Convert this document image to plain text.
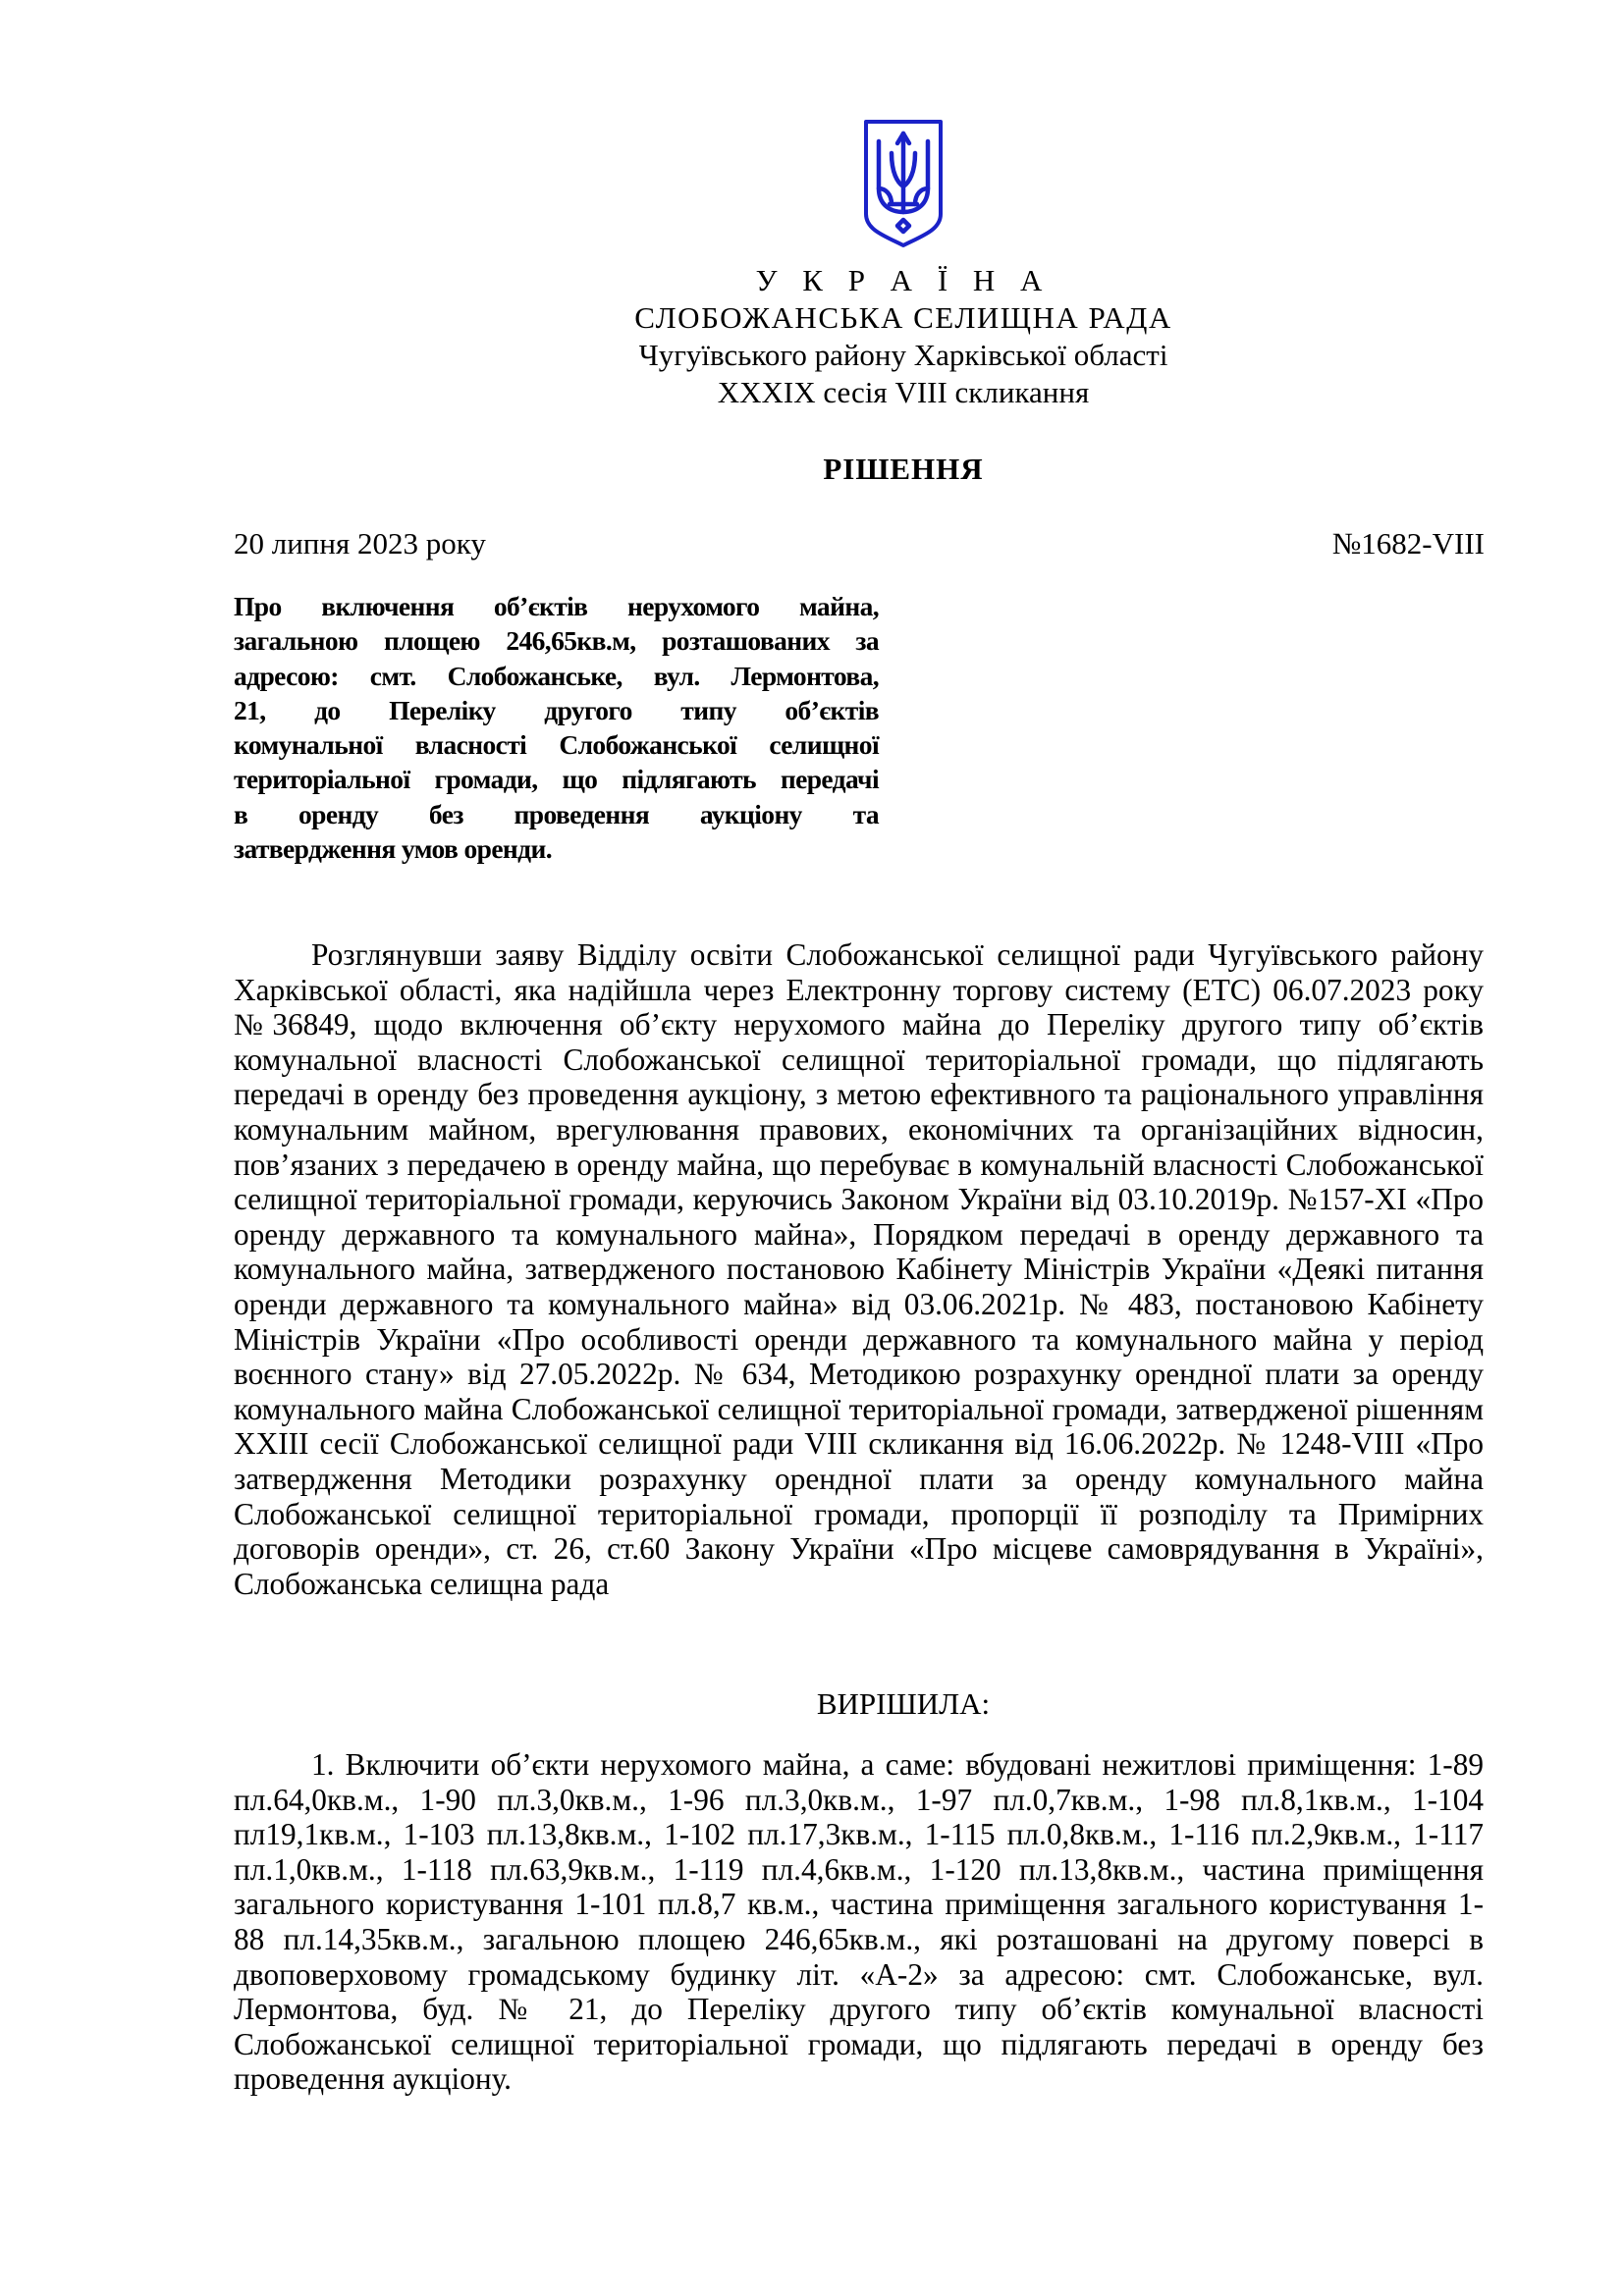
У К Р А Ї Н А
СЛОБОЖАНСЬКА СЕЛИЩНА РАДА
Чугуївського району Харківської області
XXXIX сесія VIII скликання
РІШЕННЯ
20 липня 2023 року	№1682-VIII
Про включення об’єктів нерухомого майна,
загальною площею 246,65кв.м, розташованих за
адресою: смт. Слобожанське, вул. Лермонтова,
21, до Переліку другого типу об’єктів
комунальної власності Слобожанської селищної
територіальної громади, що підлягають передачі
в оренду без проведення аукціону та
затвердження умов оренди.
Розглянувши заяву Відділу освіти Слобожанської селищної ради Чугуївського району
Харківської області, яка надійшла через Електронну торгову систему (ЕТС) 06.07.2023 року
№36849, щодо включення об’єкту нерухомого майна до Переліку другого типу об’єктів
комунальної власності Слобожанської селищної територіальної громади, що підлягають
передачі в оренду без проведення аукціону, з метою ефективного та раціонального управління
комунальним майном, врегулювання правових, економічних та організаційних відносин,
пов’язаних з передачею в оренду майна, що перебуває в комунальній власності Слобожанської
селищної територіальної громади, керуючись Законом України від 03.10.2019р. №157-ХІ «Про
оренду державного та комунального майна», Порядком передачі в оренду державного та
комунального майна, затвердженого постановою Кабінету Міністрів України «Деякі питання
оренди державного та комунального майна» від 03.06.2021р. № 483, постановою Кабінету
Міністрів України «Про особливості оренди державного та комунального майна у період
воєнного стану» від 27.05.2022р. № 634, Методикою розрахунку орендної плати за оренду
комунального майна Слобожанської селищної територіальної громади, затвердженої рішенням
XXIII сесії Слобожанської селищної ради VIII скликання від 16.06.2022р. № 1248-VIII «Про
затвердження Методики розрахунку орендної плати за оренду комунального майна
Слобожанської селищної територіальної громади, пропорції її розподілу та Примірних
договорів оренди», ст. 26, ст.60 Закону України «Про місцеве самоврядування в Україні»,
Слобожанська селищна рада
ВИРІШИЛА:
1. Включити об’єкти нерухомого майна, а саме: вбудовані нежитлові приміщення: 1-89
пл.64,0кв.м., 1-90 пл.3,0кв.м., 1-96 пл.3,0кв.м., 1-97 пл.0,7кв.м., 1-98 пл.8,1кв.м., 1-104
пл19,1кв.м., 1-103 пл.13,8кв.м., 1-102 пл.17,3кв.м., 1-115 пл.0,8кв.м., 1-116 пл.2,9кв.м., 1-117
пл.1,0кв.м., 1-118 пл.63,9кв.м., 1-119 пл.4,6кв.м., 1-120 пл.13,8кв.м., частина приміщення
загального користування 1-101 пл.8,7 кв.м., частина приміщення загального користування 1-
88 пл.14,35кв.м., загальною площею 246,65кв.м., які розташовані на другому поверсі в
двоповерховому громадському будинку літ. «А-2» за адресою: смт. Слобожанське, вул.
Лермонтова, буд. № 21, до Переліку другого типу об’єктів комунальної власності
Слобожанської селищної територіальної громади, що підлягають передачі в оренду без
проведення аукціону.
